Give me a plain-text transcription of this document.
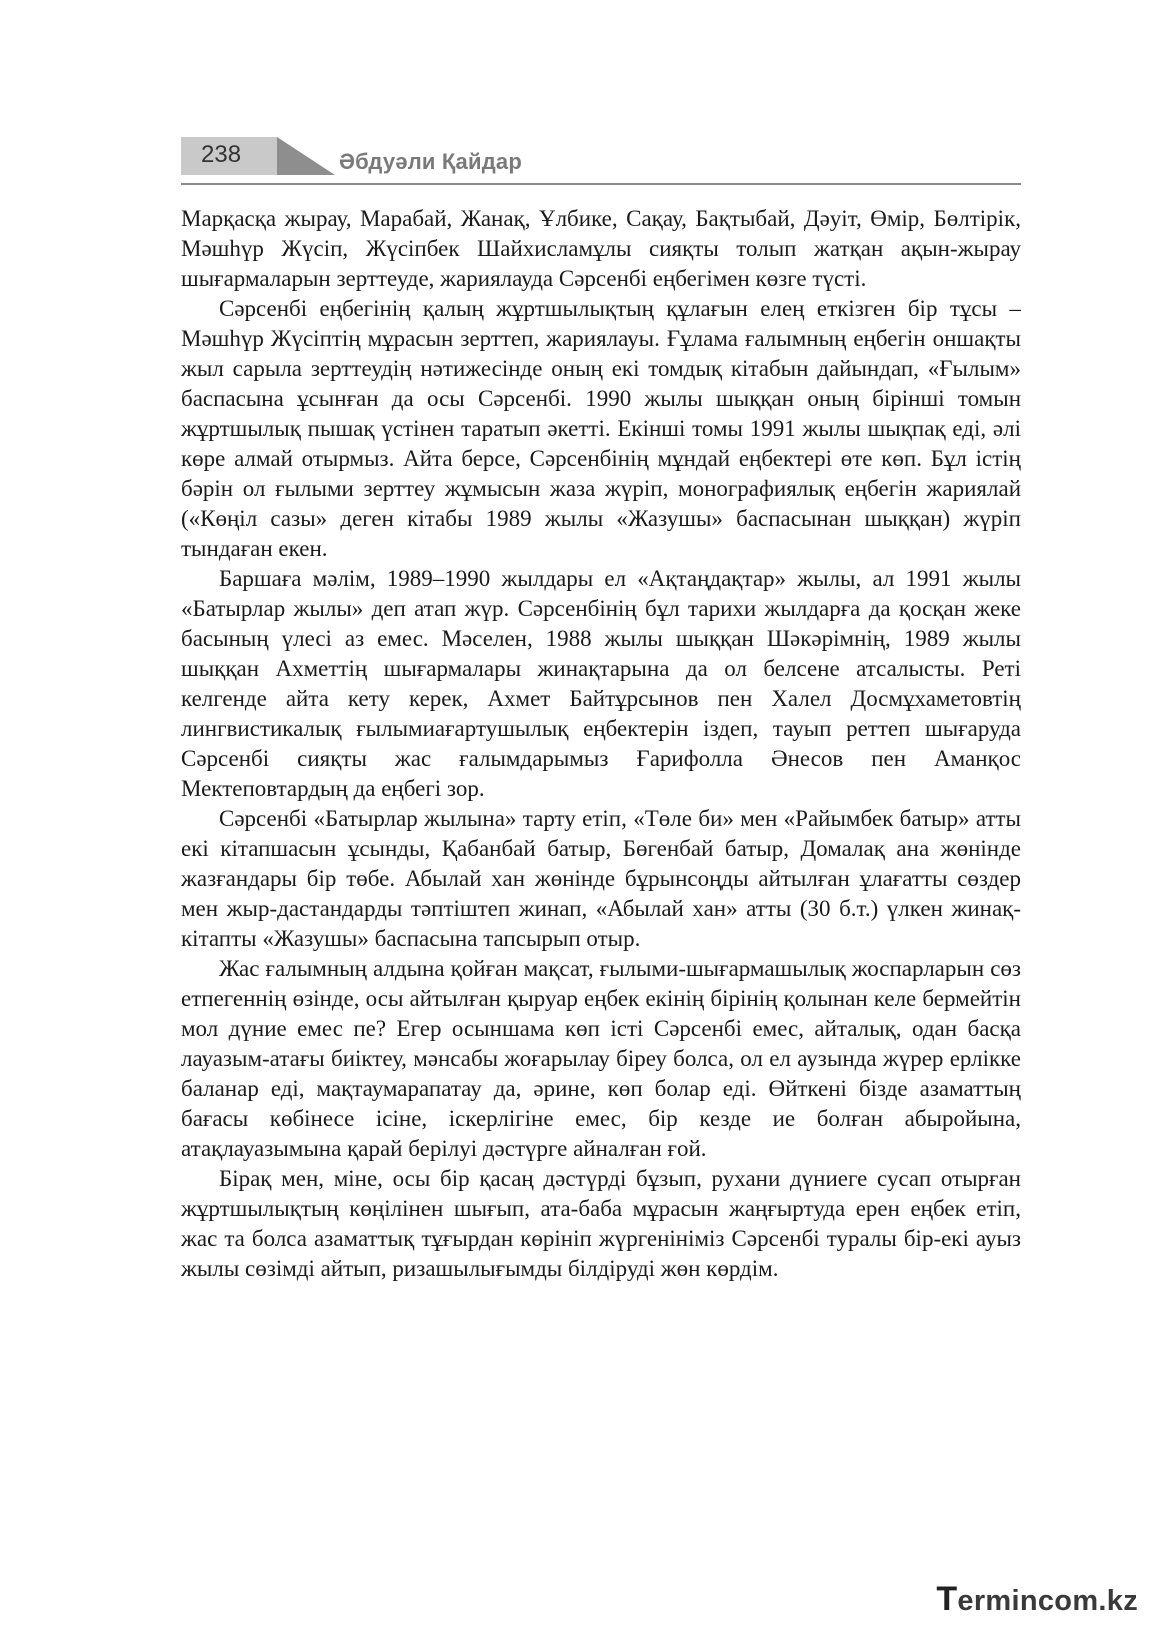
238	Әбдуәли Қайдар

Марқасқа жырау, Марабай, Жанақ, Ұлбике, Сақау, Бақтыбай, Дәуіт, Өмір, Бөлтірік, Мәшһүр Жүсіп, Жүсіпбек Шайхисламұлы сияқты толып жатқан ақын-жырау шығармаларын зерттеуде, жариялауда Сәрсенбі еңбегімен көзге түсті.

Сәрсенбі еңбегінің қалың жұртшылықтың құлағын елең еткізген бір тұсы – Мәшһүр Жүсіптің мұрасын зерттеп, жариялауы. Ғұлама ғалымның еңбегін оншақты жыл сарыла зерттеудің нәтижесінде оның екі томдық кітабын дайындап, «Ғылым» баспасына ұсынған да осы Сәрсенбі. 1990 жылы шыққан оның бірінші томын жұртшылық пышақ үстінен таратып әкетті. Екінші томы 1991 жылы шықпақ еді, әлі көре алмай отырмыз. Айта берсе, Сәрсенбінің мұндай еңбектері өте көп. Бұл істің бәрін ол ғылыми зерттеу жұмысын жаза жүріп, монографиялық еңбегін жариялай («Көңіл сазы» деген кітабы 1989 жылы «Жазушы» баспасынан шыққан) жүріп тындаған екен.

Баршаға мәлім, 1989–1990 жылдары ел «Ақтаңдақтар» жылы, ал 1991 жылы «Батырлар жылы» деп атап жүр. Сәрсенбінің бұл тарихи жылдарға да қосқан жеке басының үлесі аз емес. Мәселен, 1988 жылы шыққан Шәкәрімнің, 1989 жылы шыққан Ахметтің шығармалары жинақтарына да ол белсене атсалысты. Реті келгенде айта кету керек, Ахмет Байтұрсынов пен Халел Досмұхаметовтің лингвистикалық ғылымиағартушылық еңбектерін іздеп, тауып реттеп шығаруда Сәрсенбі сияқты жас ғалымдарымыз Ғарифолла Әнесов пен Аманқос Мектеповтардың да еңбегі зор.

Сәрсенбі «Батырлар жылына» тарту етіп, «Төле би» мен «Райымбек батыр» атты екі кітапшасын ұсынды, Қабанбай батыр, Бөгенбай батыр, Домалақ ана жөнінде жазғандары бір төбе. Абылай хан жөнінде бұрынсоңды айтылған ұлағатты сөздер мен жыр-дастандарды тәптіштеп жинап, «Абылай хан» атты (30 б.т.) үлкен жинақ-кітапты «Жазушы» баспасына тапсырып отыр.

Жас ғалымның алдына қойған мақсат, ғылыми-шығармашылық жоспарларын сөз етпегеннің өзінде, осы айтылған қыруар еңбек екінің бірінің қолынан келе бермейтін мол дүние емес пе? Егер осыншама көп істі Сәрсенбі емес, айталық, одан басқа лауазым-атағы биіктеу, мәнсабы жоғарылау біреу болса, ол ел аузында жүрер ерлікке баланар еді, мақтаумарапатау да, әрине, көп болар еді. Өйткені бізде азаматтың бағасы көбінесе ісіне, іскерлігіне емес, бір кезде ие болған абыройына, атақлауазымына қарай берілуі дәстүрге айналған ғой.

Бірақ мен, міне, осы бір қасаң дәстүрді бұзып, рухани дүниеге сусап отырған жұртшылықтың көңілінен шығып, ата-баба мұрасын жаңғыртуда ерен еңбек етіп, жас та болса азаматтық тұғырдан көрініп жүргенініміз Сәрсенбі туралы бір-екі ауыз жылы сөзімді айтып, ризашылығымды білдіруді жөн көрдім.

Termincom.kz
